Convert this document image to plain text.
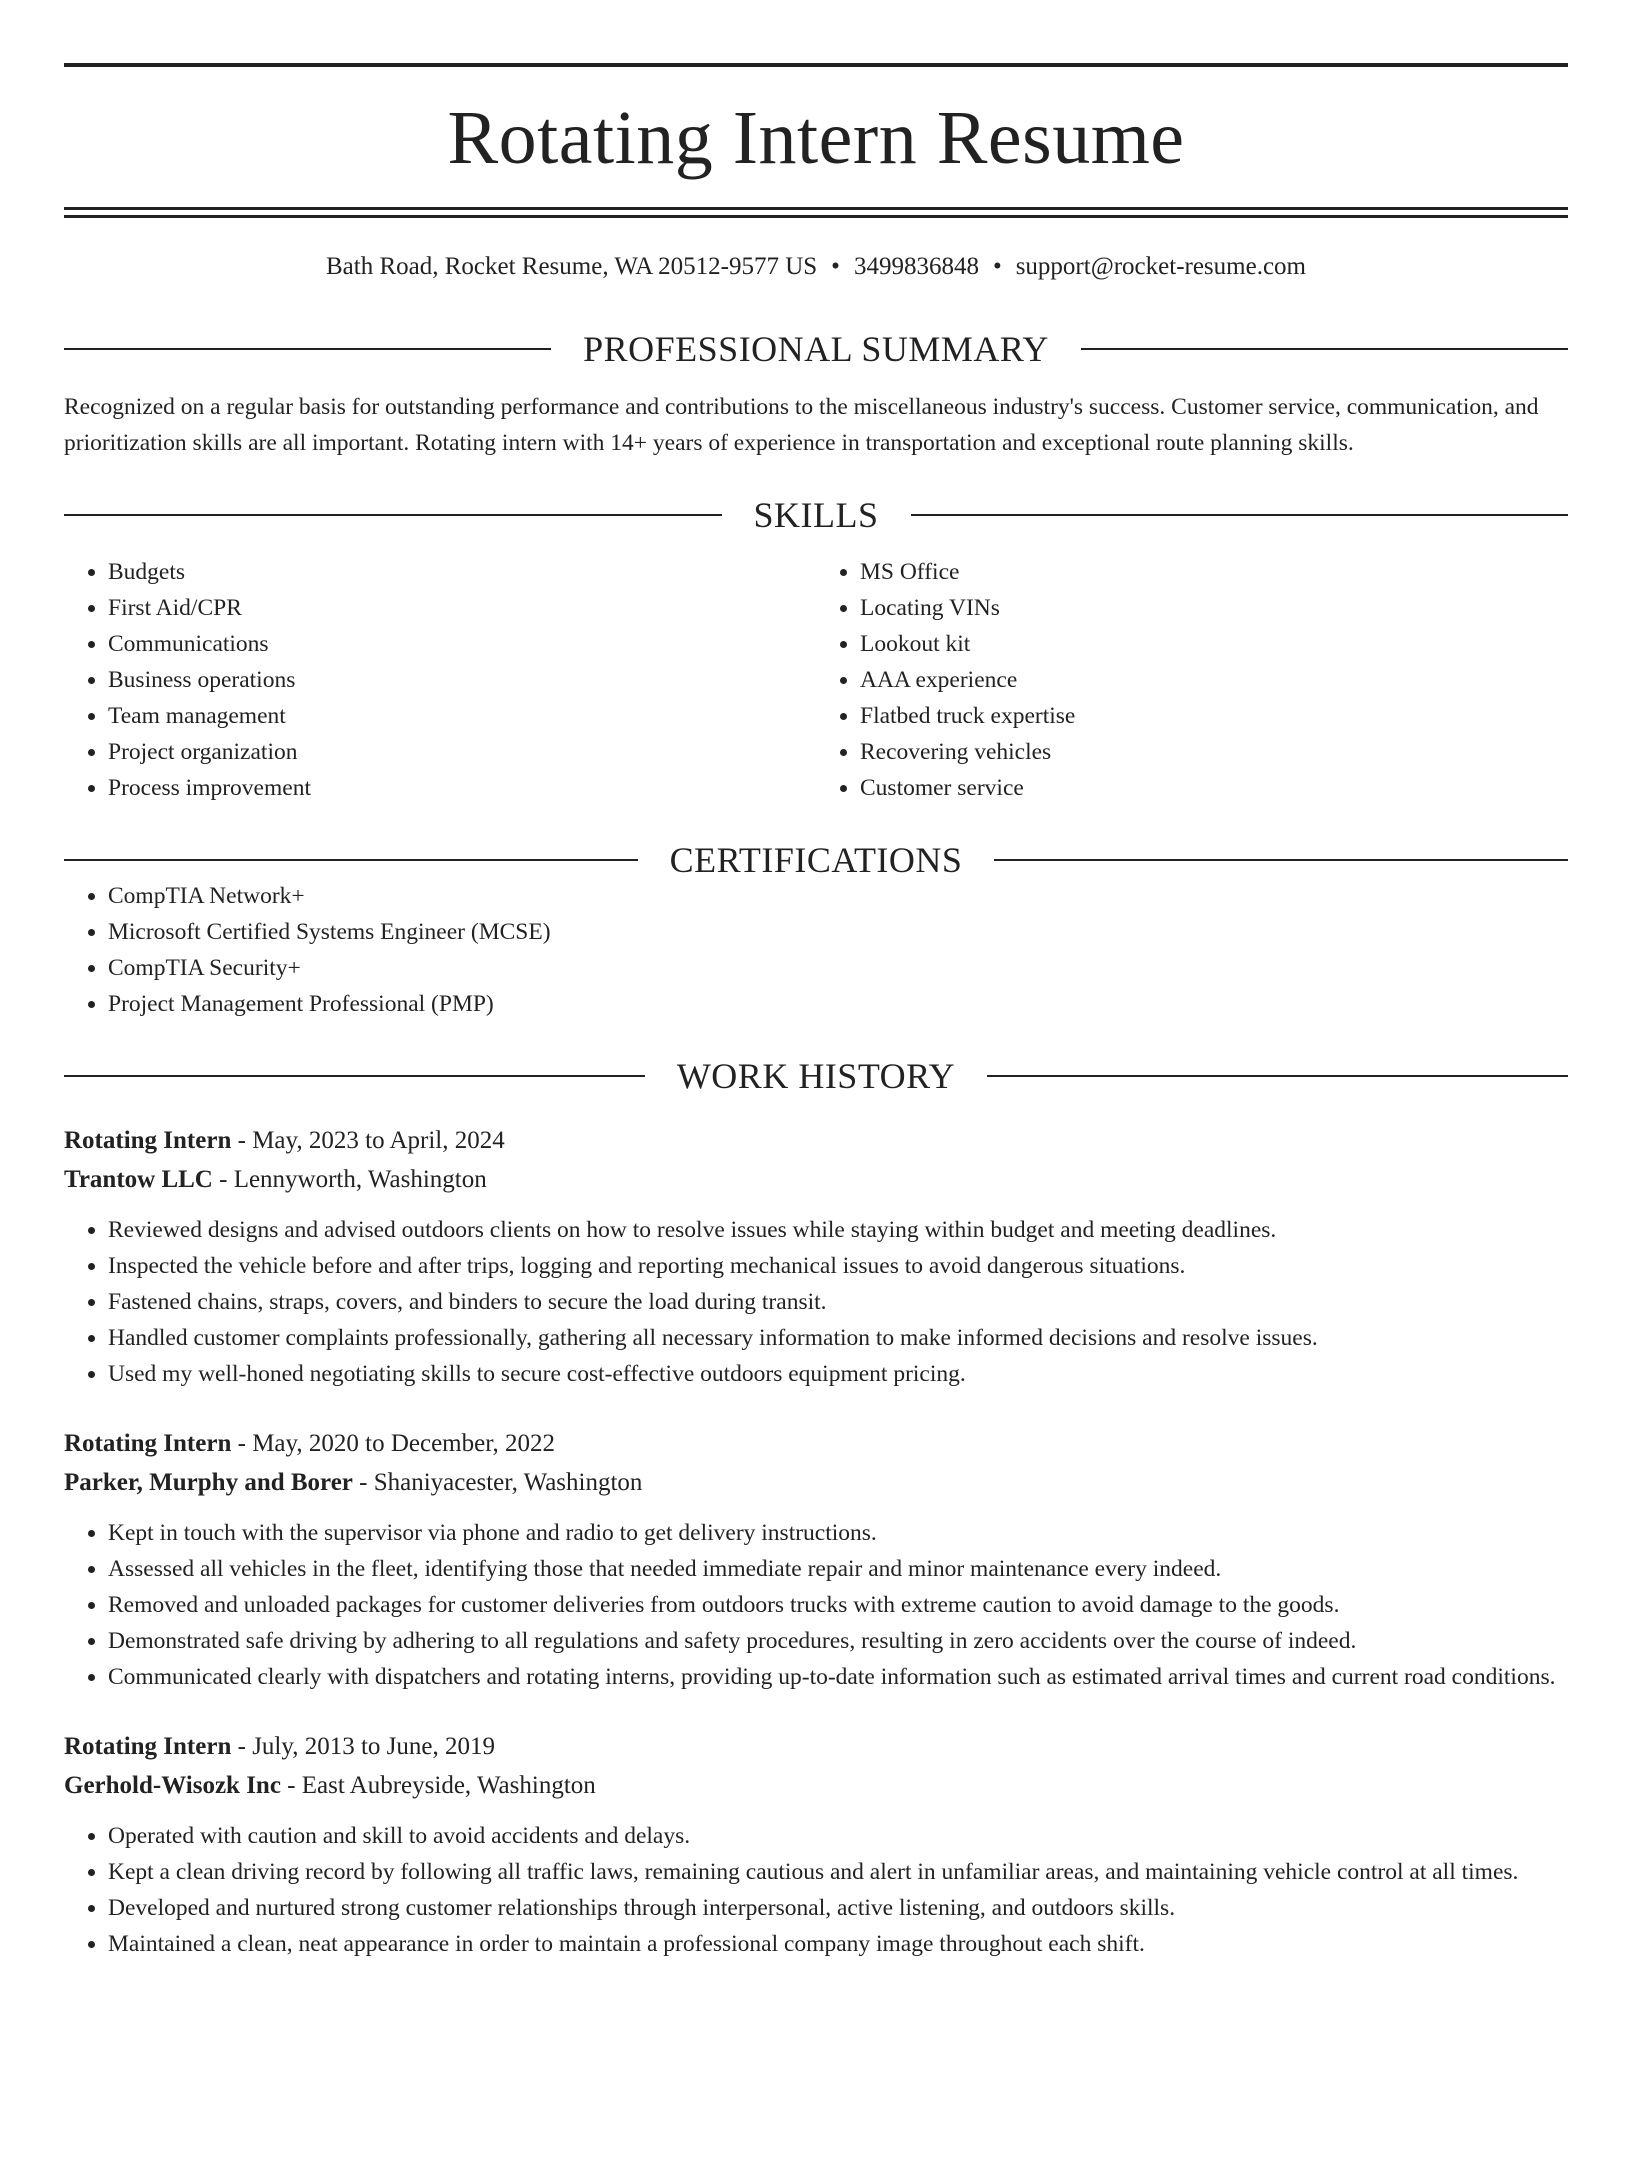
Rotating Intern Resume
Bath Road, Rocket Resume, WA 20512-9577 US • 3499836848 • support@rocket-resume.com
PROFESSIONAL SUMMARY

Recognized on a regular basis for outstanding performance and contributions to the miscellaneous industry's success. Customer service, communication, and prioritization skills are all important. Rotating intern with 14+ years of experience in transportation and exceptional route planning skills.

SKILLS
• Budgets
• First Aid/CPR
• Communications
• Business operations
• Team management
• Project organization
• Process improvement
• MS Office
• Locating VINs
• Lookout kit
• AAA experience
• Flatbed truck expertise
• Recovering vehicles
• Customer service
CERTIFICATIONS
• CompTIA Network+
• Microsoft Certified Systems Engineer (MCSE)
• CompTIA Security+
• Project Management Professional (PMP)
WORK HISTORY
Rotating Intern - May, 2023 to April, 2024
Trantow LLC - Lennyworth, Washington
• Reviewed designs and advised outdoors clients on how to resolve issues while staying within budget and meeting deadlines.
• Inspected the vehicle before and after trips, logging and reporting mechanical issues to avoid dangerous situations.
• Fastened chains, straps, covers, and binders to secure the load during transit.
• Handled customer complaints professionally, gathering all necessary information to make informed decisions and resolve issues.
• Used my well-honed negotiating skills to secure cost-effective outdoors equipment pricing.
Rotating Intern - May, 2020 to December, 2022
Parker, Murphy and Borer - Shaniyacester, Washington
• Kept in touch with the supervisor via phone and radio to get delivery instructions.
• Assessed all vehicles in the fleet, identifying those that needed immediate repair and minor maintenance every indeed.
• Removed and unloaded packages for customer deliveries from outdoors trucks with extreme caution to avoid damage to the goods.
• Demonstrated safe driving by adhering to all regulations and safety procedures, resulting in zero accidents over the course of indeed.
• Communicated clearly with dispatchers and rotating interns, providing up-to-date information such as estimated arrival times and current road conditions.
Rotating Intern - July, 2013 to June, 2019
Gerhold-Wisozk Inc - East Aubreyside, Washington
• Operated with caution and skill to avoid accidents and delays.
• Kept a clean driving record by following all traffic laws, remaining cautious and alert in unfamiliar areas, and maintaining vehicle control at all times.
• Developed and nurtured strong customer relationships through interpersonal, active listening, and outdoors skills.
• Maintained a clean, neat appearance in order to maintain a professional company image throughout each shift.
